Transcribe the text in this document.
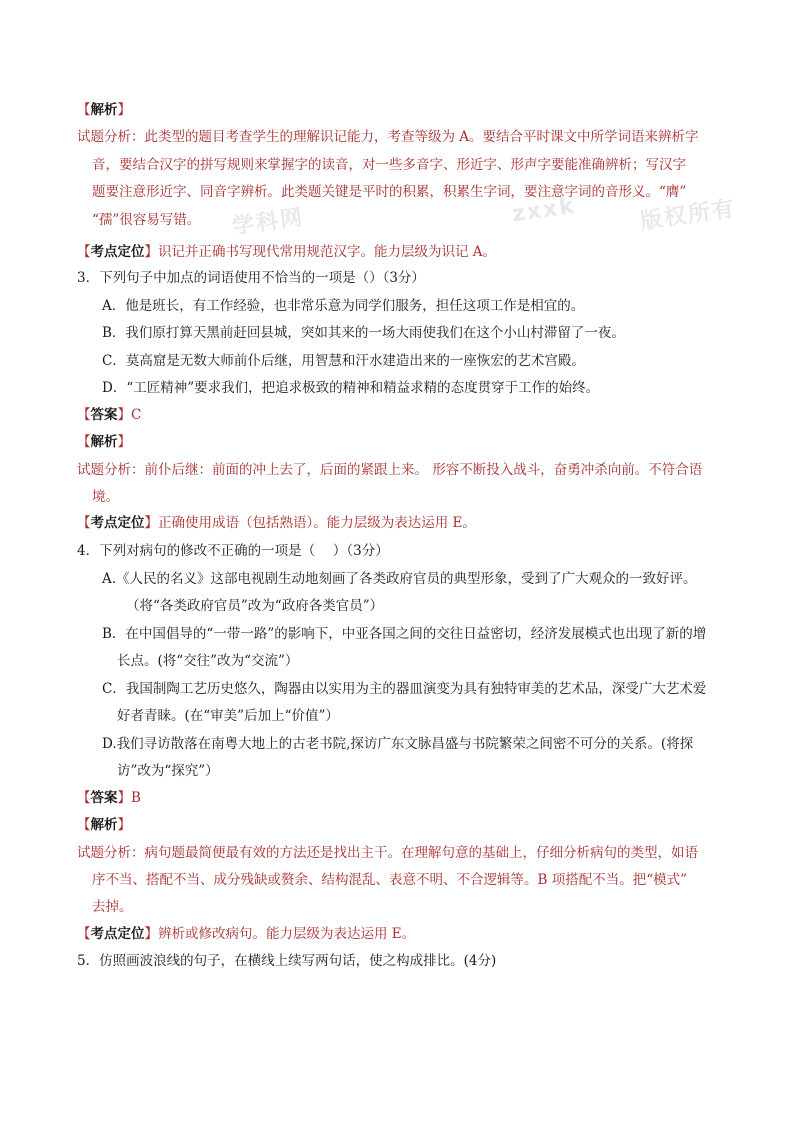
学科网	zxxk	版权所有
【解析】
试题分析：此类型的题目考查学生的理解识记能力，考查等级为 A。要结合平时课文中所学词语来辨析字
音，要结合汉字的拼写规则来掌握字的读音，对一些多音字、形近字、形声字要能准确辨析；写汉字
题要注意形近字、同音字辨析。此类题关键是平时的积累，积累生字词，要注意字词的音形义。“膺”
“孺”很容易写错。
【考点定位】识记并正确书写现代常用规范汉字。能力层级为识记 A。
3．下列句子中加点的词语使用不恰当的一项是（）（3分）
A．他是班长，有工作经验，也非常乐意为同学们服务，担任这项工作是相宜的。
B．我们原打算天黑前赶回县城，突如其来的一场大雨使我们在这个小山村滞留了一夜。
C．莫高窟是无数大师前仆后继，用智慧和汗水建造出来的一座恢宏的艺术宫殿。
D．“工匠精神”要求我们，把追求极致的精神和精益求精的态度贯穿于工作的始终。
【答案】C
【解析】
试题分析：前仆后继：前面的冲上去了，后面的紧跟上来。 形容不断投入战斗，奋勇冲杀向前。不符合语
境。
【考点定位】正确使用成语（包括熟语）。能力层级为表达运用 E。
4．下列对病句的修改不正确的一项是（　 ）（3分）
A.《人民的名义》这部电视剧生动地刻画了各类政府官员的典型形象，受到了广大观众的一致好评。
（将“各类政府官员”改为“政府各类官员”）
B．在中国倡导的“一带一路”的影响下，中亚各国之间的交往日益密切，经济发展模式也出现了新的增
长点。(将“交往”改为“交流”）
C．我国制陶工艺历史悠久，陶器由以实用为主的器皿演变为具有独特审美的艺术品，深受广大艺术爱
好者青睐。(在“审美”后加上“价值”）
D.我们寻访散落在南粤大地上的古老书院,探访广东文脉昌盛与书院繁荣之间密不可分的关系。(将探
访”改为“探究”）
【答案】B
【解析】
试题分析：病句题最简便最有效的方法还是找出主干。在理解句意的基础上，仔细分析病句的类型，如语
序不当、搭配不当、成分残缺或赘余、结构混乱、表意不明、不合逻辑等。B 项搭配不当。把“模式”
去掉。
【考点定位】辨析或修改病句。能力层级为表达运用 E。
5．仿照画波浪线的句子，在横线上续写两句话，使之构成排比。(4分)
